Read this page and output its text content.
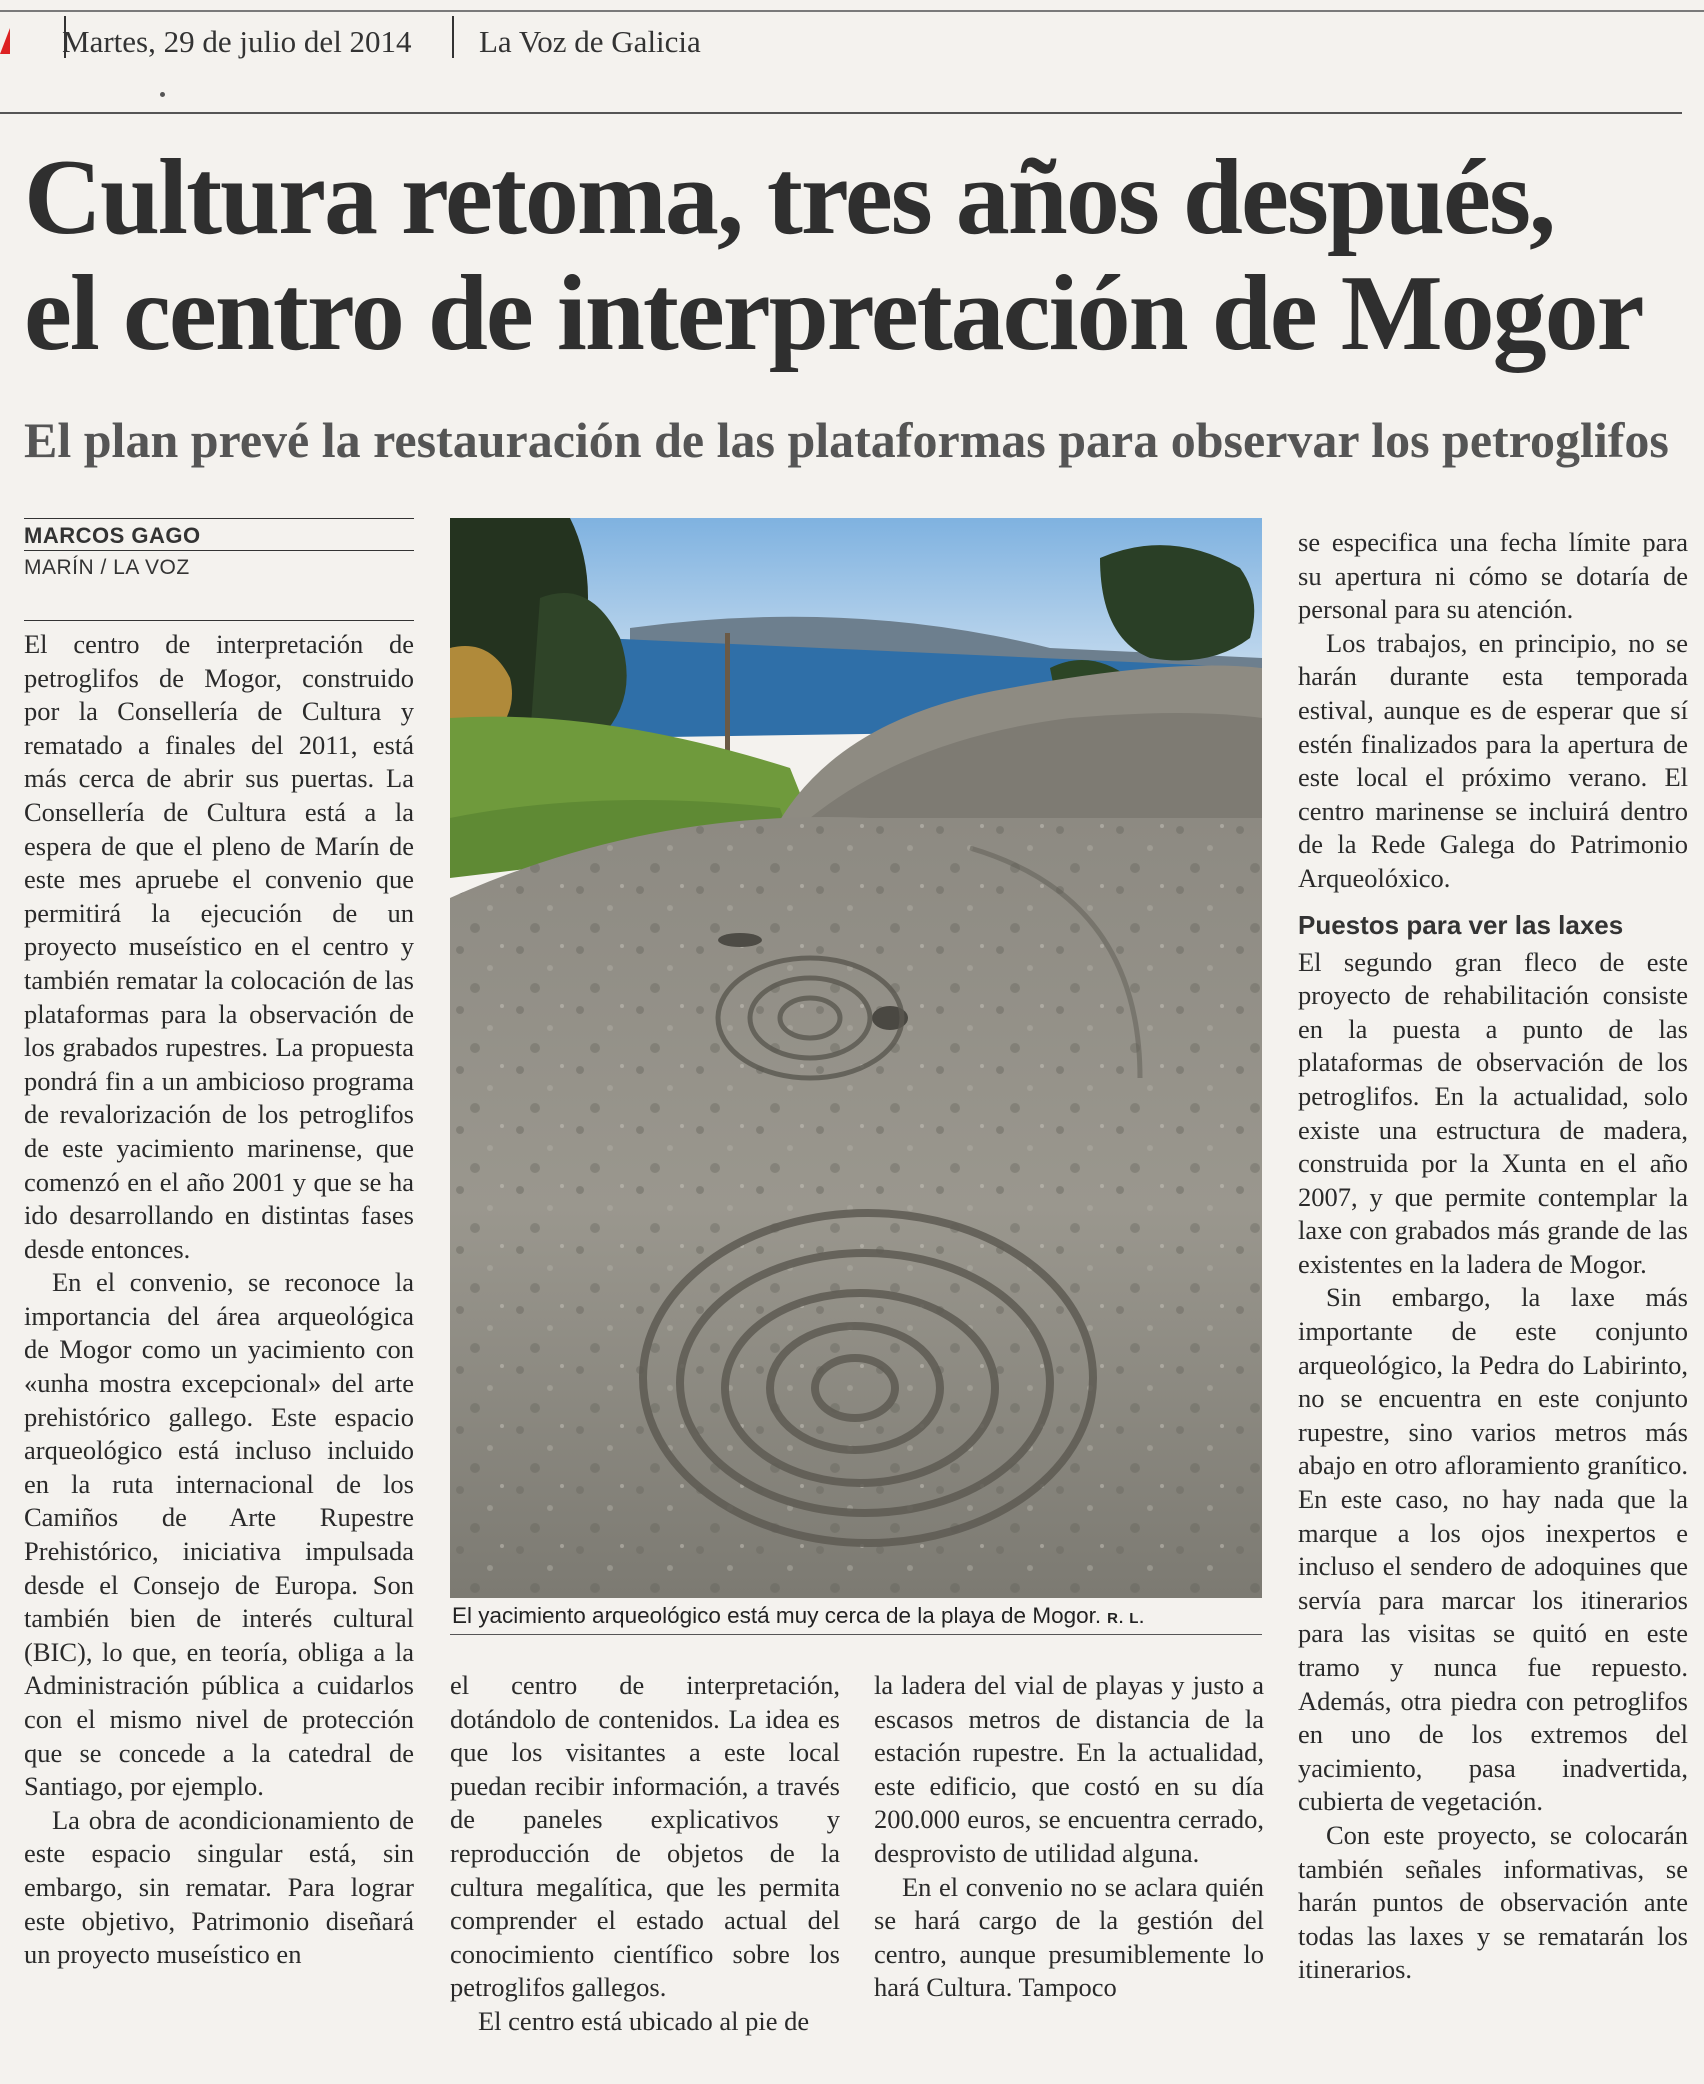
Martes, 29 de julio del 2014 La Voz de Galicia
Cultura retoma, tres años después,
el centro de interpretación de Mogor
El plan prevé la restauración de las plataformas para observar los petroglifos
MARCOS GAGO
MARÍN / LA VOZ

El centro de interpretación de petroglifos de Mogor, construido por la Consellería de Cultura y rematado a finales del 2011, está más cerca de abrir sus puertas. La Consellería de Cultura está a la espera de que el pleno de Marín de este mes apruebe el convenio que permitirá la ejecución de un proyecto museístico en el centro y también rematar la colocación de las plataformas para la observación de los grabados rupestres. La propuesta pondrá fin a un ambicioso programa de revalorización de los petroglifos de este yacimiento marinense, que comenzó en el año 2001 y que se ha ido desarrollando en distintas fases desde entonces.

En el convenio, se reconoce la importancia del área arqueológica de Mogor como un yacimiento con «unha mostra excepcional» del arte prehistórico gallego. Este espacio arqueológico está incluso incluido en la ruta internacional de los Camiños de Arte Rupestre Prehistórico, iniciativa impulsada desde el Consejo de Europa. Son también bien de interés cultural (BIC), lo que, en teoría, obliga a la Administración pública a cuidarlos con el mismo nivel de protección que se concede a la catedral de Santiago, por ejemplo.

La obra de acondicionamiento de este espacio singular está, sin embargo, sin rematar. Para lograr este objetivo, Patrimonio diseñará un proyecto museístico en

El yacimiento arqueológico está muy cerca de la playa de Mogor. R. L.

el centro de interpretación, dotándolo de contenidos. La idea es que los visitantes a este local puedan recibir información, a través de paneles explicativos y reproducción de objetos de la cultura megalítica, que les permita comprender el estado actual del conocimiento científico sobre los petroglifos gallegos.

El centro está ubicado al pie de

la ladera del vial de playas y justo a escasos metros de distancia de la estación rupestre. En la actualidad, este edificio, que costó en su día 200.000 euros, se encuentra cerrado, desprovisto de utilidad alguna.

En el convenio no se aclara quién se hará cargo de la gestión del centro, aunque presumiblemente lo hará Cultura. Tampoco

se especifica una fecha límite para su apertura ni cómo se dotaría de personal para su atención.

Los trabajos, en principio, no se harán durante esta temporada estival, aunque es de esperar que sí estén finalizados para la apertura de este local el próximo verano. El centro marinense se incluirá dentro de la Rede Galega do Patrimonio Arqueolóxico.

Puestos para ver las laxes

El segundo gran fleco de este proyecto de rehabilitación consiste en la puesta a punto de las plataformas de observación de los petroglifos. En la actualidad, solo existe una estructura de madera, construida por la Xunta en el año 2007, y que permite contemplar la laxe con grabados más grande de las existentes en la ladera de Mogor.

Sin embargo, la laxe más importante de este conjunto arqueológico, la Pedra do Labirinto, no se encuentra en este conjunto rupestre, sino varios metros más abajo en otro afloramiento granítico. En este caso, no hay nada que la marque a los ojos inexpertos e incluso el sendero de adoquines que servía para marcar los itinerarios para las visitas se quitó en este tramo y nunca fue repuesto. Además, otra piedra con petroglifos en uno de los extremos del yacimiento, pasa inadvertida, cubierta de vegetación.

Con este proyecto, se colocarán también señales informativas, se harán puntos de observación ante todas las laxes y se rematarán los itinerarios.
